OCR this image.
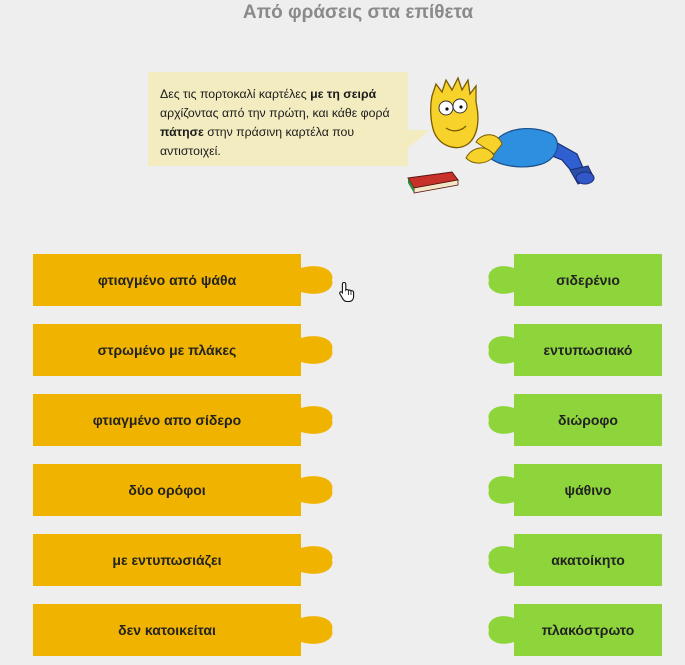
Από φράσεις στα επίθετα
Δες τις πορτοκαλί καρτέλες με τη σειρά αρχίζοντας από την πρώτη, και κάθε φορά πάτησε στην πράσινη καρτέλα που αντιστοιχεί.
φτιαγμένο από ψάθα
στρωμένο με πλάκες
φτιαγμένο απο σίδερο
δύο ορόφοι
με εντυπωσιάζει
δεν κατοικείται
σιδερένιο
εντυπωσιακό
διώροφο
ψάθινο
ακατοίκητο
πλακόστρωτο
